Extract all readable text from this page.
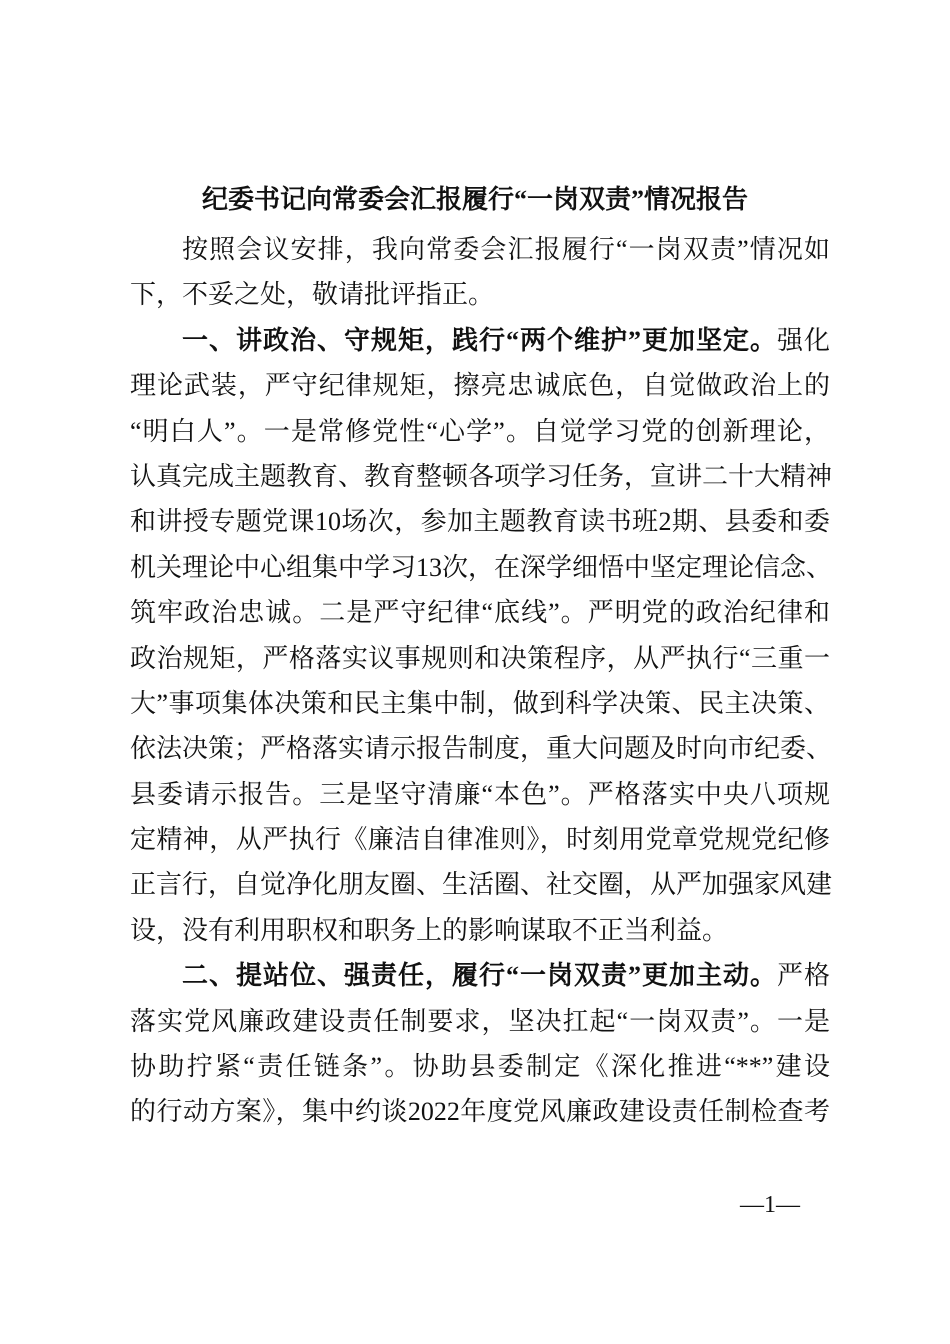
纪委书记向常委会汇报履行“一岗双责”情况报告
按照会议安排，我向常委会汇报履行“一岗双责”情况如
下，不妥之处，敬请批评指正。
一、讲政治、守规矩，践行“两个维护”更加坚定。强化
理论武装，严守纪律规矩，擦亮忠诚底色，自觉做政治上的
“明白人”。一是常修党性“心学”。自觉学习党的创新理论，
认真完成主题教育、教育整顿各项学习任务，宣讲二十大精神
和讲授专题党课10场次，参加主题教育读书班2期、县委和委
机关理论中心组集中学习13次，在深学细悟中坚定理论信念、
筑牢政治忠诚。二是严守纪律“底线”。严明党的政治纪律和
政治规矩，严格落实议事规则和决策程序，从严执行“三重一
大”事项集体决策和民主集中制，做到科学决策、民主决策、
依法决策；严格落实请示报告制度，重大问题及时向市纪委、
县委请示报告。三是坚守清廉“本色”。严格落实中央八项规
定精神，从严执行《廉洁自律准则》，时刻用党章党规党纪修
正言行，自觉净化朋友圈、生活圈、社交圈，从严加强家风建
设，没有利用职权和职务上的影响谋取不正当利益。
二、提站位、强责任，履行“一岗双责”更加主动。严格
落实党风廉政建设责任制要求，坚决扛起“一岗双责”。一是
协助拧紧“责任链条”。协助县委制定《深化推进“**”建设
的行动方案》，集中约谈2022年度党风廉政建设责任制检查考
—1—
